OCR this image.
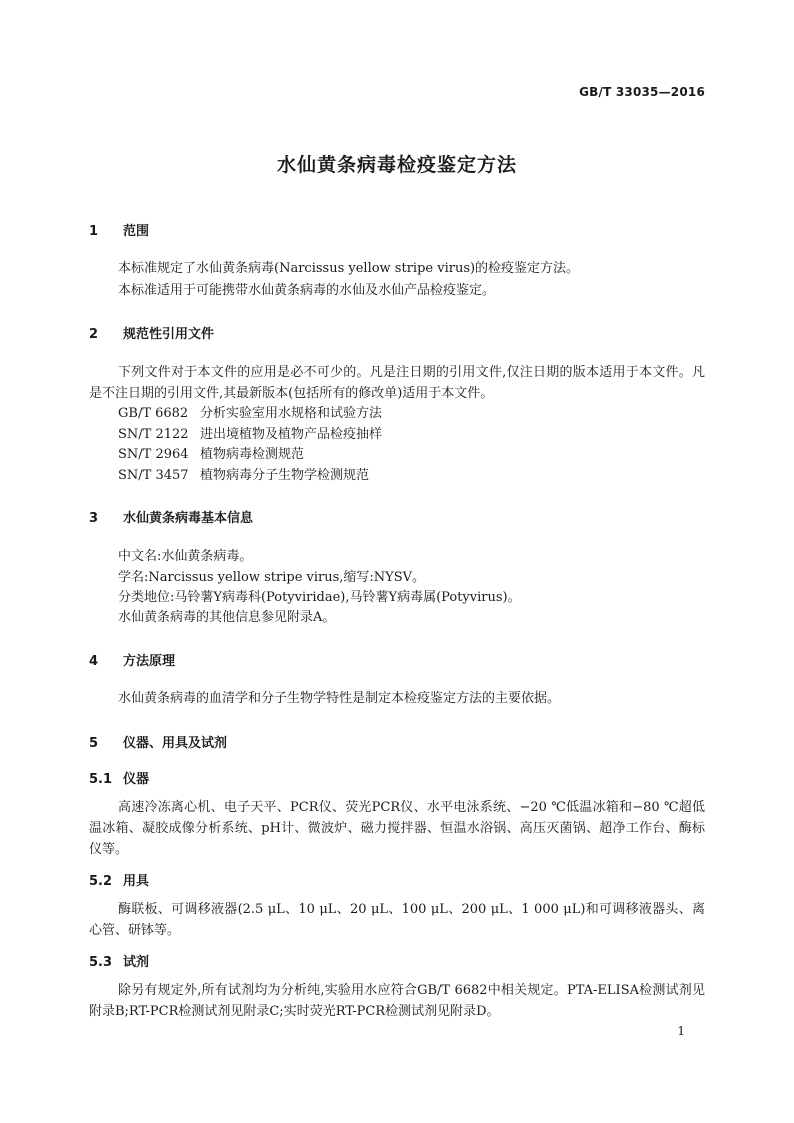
GB/T 33035—2016
水仙黄条病毒检疫鉴定方法
1 范围
本标准规定了水仙黄条病毒(Narcissus yellow stripe virus)的检疫鉴定方法。
本标准适用于可能携带水仙黄条病毒的水仙及水仙产品检疫鉴定。
2 规范性引用文件
下列文件对于本文件的应用是必不可少的。凡是注日期的引用文件,仅注日期的版本适用于本文件。凡是不注日期的引用文件,其最新版本(包括所有的修改单)适用于本文件。
GB/T 6682 分析实验室用水规格和试验方法
SN/T 2122 进出境植物及植物产品检疫抽样
SN/T 2964 植物病毒检测规范
SN/T 3457 植物病毒分子生物学检测规范
3 水仙黄条病毒基本信息
中文名:水仙黄条病毒。
学名:Narcissus yellow stripe virus,缩写:NYSV。
分类地位:马铃薯Y病毒科(Potyviridae),马铃薯Y病毒属(Potyvirus)。
水仙黄条病毒的其他信息参见附录A。
4 方法原理
水仙黄条病毒的血清学和分子生物学特性是制定本检疫鉴定方法的主要依据。
5 仪器、用具及试剂
5.1 仪器
高速冷冻离心机、电子天平、PCR仪、荧光PCR仪、水平电泳系统、−20 ℃低温冰箱和−80 ℃超低温冰箱、凝胶成像分析系统、pH计、微波炉、磁力搅拌器、恒温水浴锅、高压灭菌锅、超净工作台、酶标仪等。
5.2 用具
酶联板、可调移液器(2.5 μL、10 μL、20 μL、100 μL、200 μL、1 000 μL)和可调移液器头、离心管、研钵等。
5.3 试剂
除另有规定外,所有试剂均为分析纯,实验用水应符合GB/T 6682中相关规定。PTA-ELISA检测试剂见附录B;RT-PCR检测试剂见附录C;实时荧光RT-PCR检测试剂见附录D。
1
